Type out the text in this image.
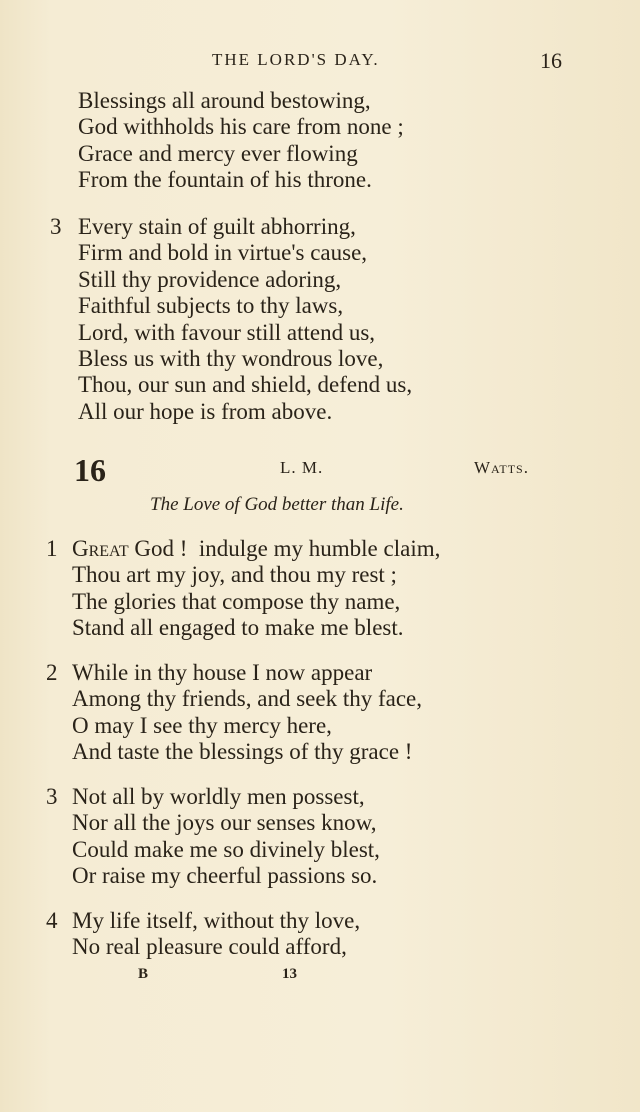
THE LORD'S DAY.	16
Blessings all around bestowing,
God withholds his care from none ;
Grace and mercy ever flowing
From the fountain of his throne.
3 Every stain of guilt abhorring,
Firm and bold in virtue's cause,
Still thy providence adoring,
Faithful subjects to thy laws,
Lord, with favour still attend us,
Bless us with thy wondrous love,
Thou, our sun and shield, defend us,
All our hope is from above.
16	L. M.	Watts.
The Love of God better than Life.
1 Great God !  indulge my humble claim,
Thou art my joy, and thou my rest ;
The glories that compose thy name,
Stand all engaged to make me blest.
2 While in thy house I now appear
Among thy friends, and seek thy face,
O may I see thy mercy here,
And taste the blessings of thy grace !
3 Not all by worldly men possest,
Nor all the joys our senses know,
Could make me so divinely blest,
Or raise my cheerful passions so.
4 My life itself, without thy love,
No real pleasure could afford,
B	13
